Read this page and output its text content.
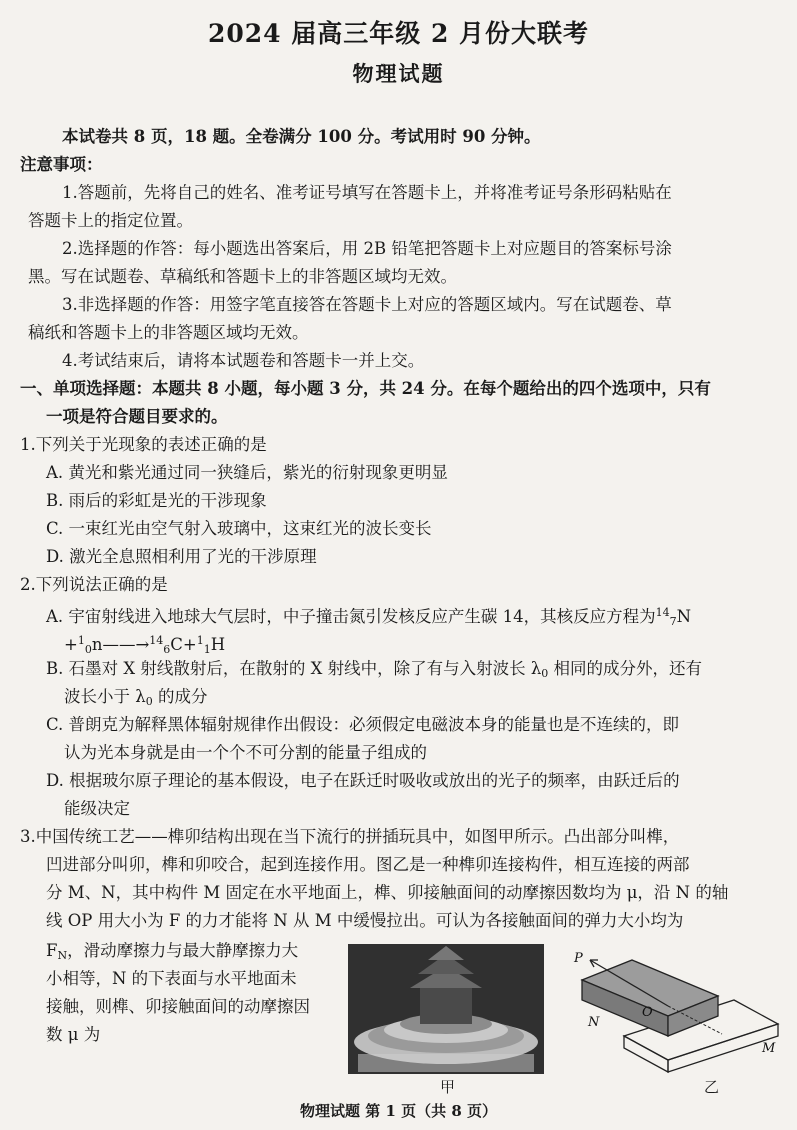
2024 届高三年级 2 月份大联考
物理试题
本试卷共 8 页，18 题。全卷满分 100 分。考试用时 90 分钟。
注意事项：
1.答题前，先将自己的姓名、准考证号填写在答题卡上，并将准考证号条形码粘贴在
答题卡上的指定位置。
2.选择题的作答：每小题选出答案后，用 2B 铅笔把答题卡上对应题目的答案标号涂
黑。写在试题卷、草稿纸和答题卡上的非答题区域均无效。
3.非选择题的作答：用签字笔直接答在答题卡上对应的答题区域内。写在试题卷、草
稿纸和答题卡上的非答题区域均无效。
4.考试结束后，请将本试题卷和答题卡一并上交。
一、单项选择题：本题共 8 小题，每小题 3 分，共 24 分。在每个题给出的四个选项中，只有
一项是符合题目要求的。
1.下列关于光现象的表述正确的是
A. 黄光和紫光通过同一狭缝后，紫光的衍射现象更明显
B. 雨后的彩虹是光的干涉现象
C. 一束红光由空气射入玻璃中，这束红光的波长变长
D. 激光全息照相利用了光的干涉原理
2.下列说法正确的是
A. 宇宙射线进入地球大气层时，中子撞击氮引发核反应产生碳 14，其核反应方程为$^{14}_7$N
+$^1_0$n——→$^{14}_6$C+$^1_1$H
B. 石墨对 X 射线散射后，在散射的 X 射线中，除了有与入射波长 $\lambda_0$ 相同的成分外，还有
波长小于 $\lambda_0$ 的成分
C. 普朗克为解释黑体辐射规律作出假设：必须假定电磁波本身的能量也是不连续的，即
认为光本身就是由一个个不可分割的能量子组成的
D. 根据玻尔原子理论的基本假设，电子在跃迁时吸收或放出的光子的频率，由跃迁后的
能级决定
3.中国传统工艺——榫卯结构出现在当下流行的拼插玩具中，如图甲所示。凸出部分叫榫，
凹进部分叫卯，榫和卯咬合，起到连接作用。图乙是一种榫卯连接构件，相互连接的两部
分 M、N，其中构件 M 固定在水平地面上，榫、卯接触面间的动摩擦因数均为 μ，沿 N 的轴
线 OP 用大小为 F 的力才能将 N 从 M 中缓慢拉出。可认为各接触面间的弹力大小均为
$F_N$，滑动摩擦力与最大静摩擦力大
小相等，N 的下表面与水平地面未
接触，则榫、卯接触面间的动摩擦因
数 μ 为
甲
P
O
N
M
乙
物理试题 第 1 页（共 8 页）
